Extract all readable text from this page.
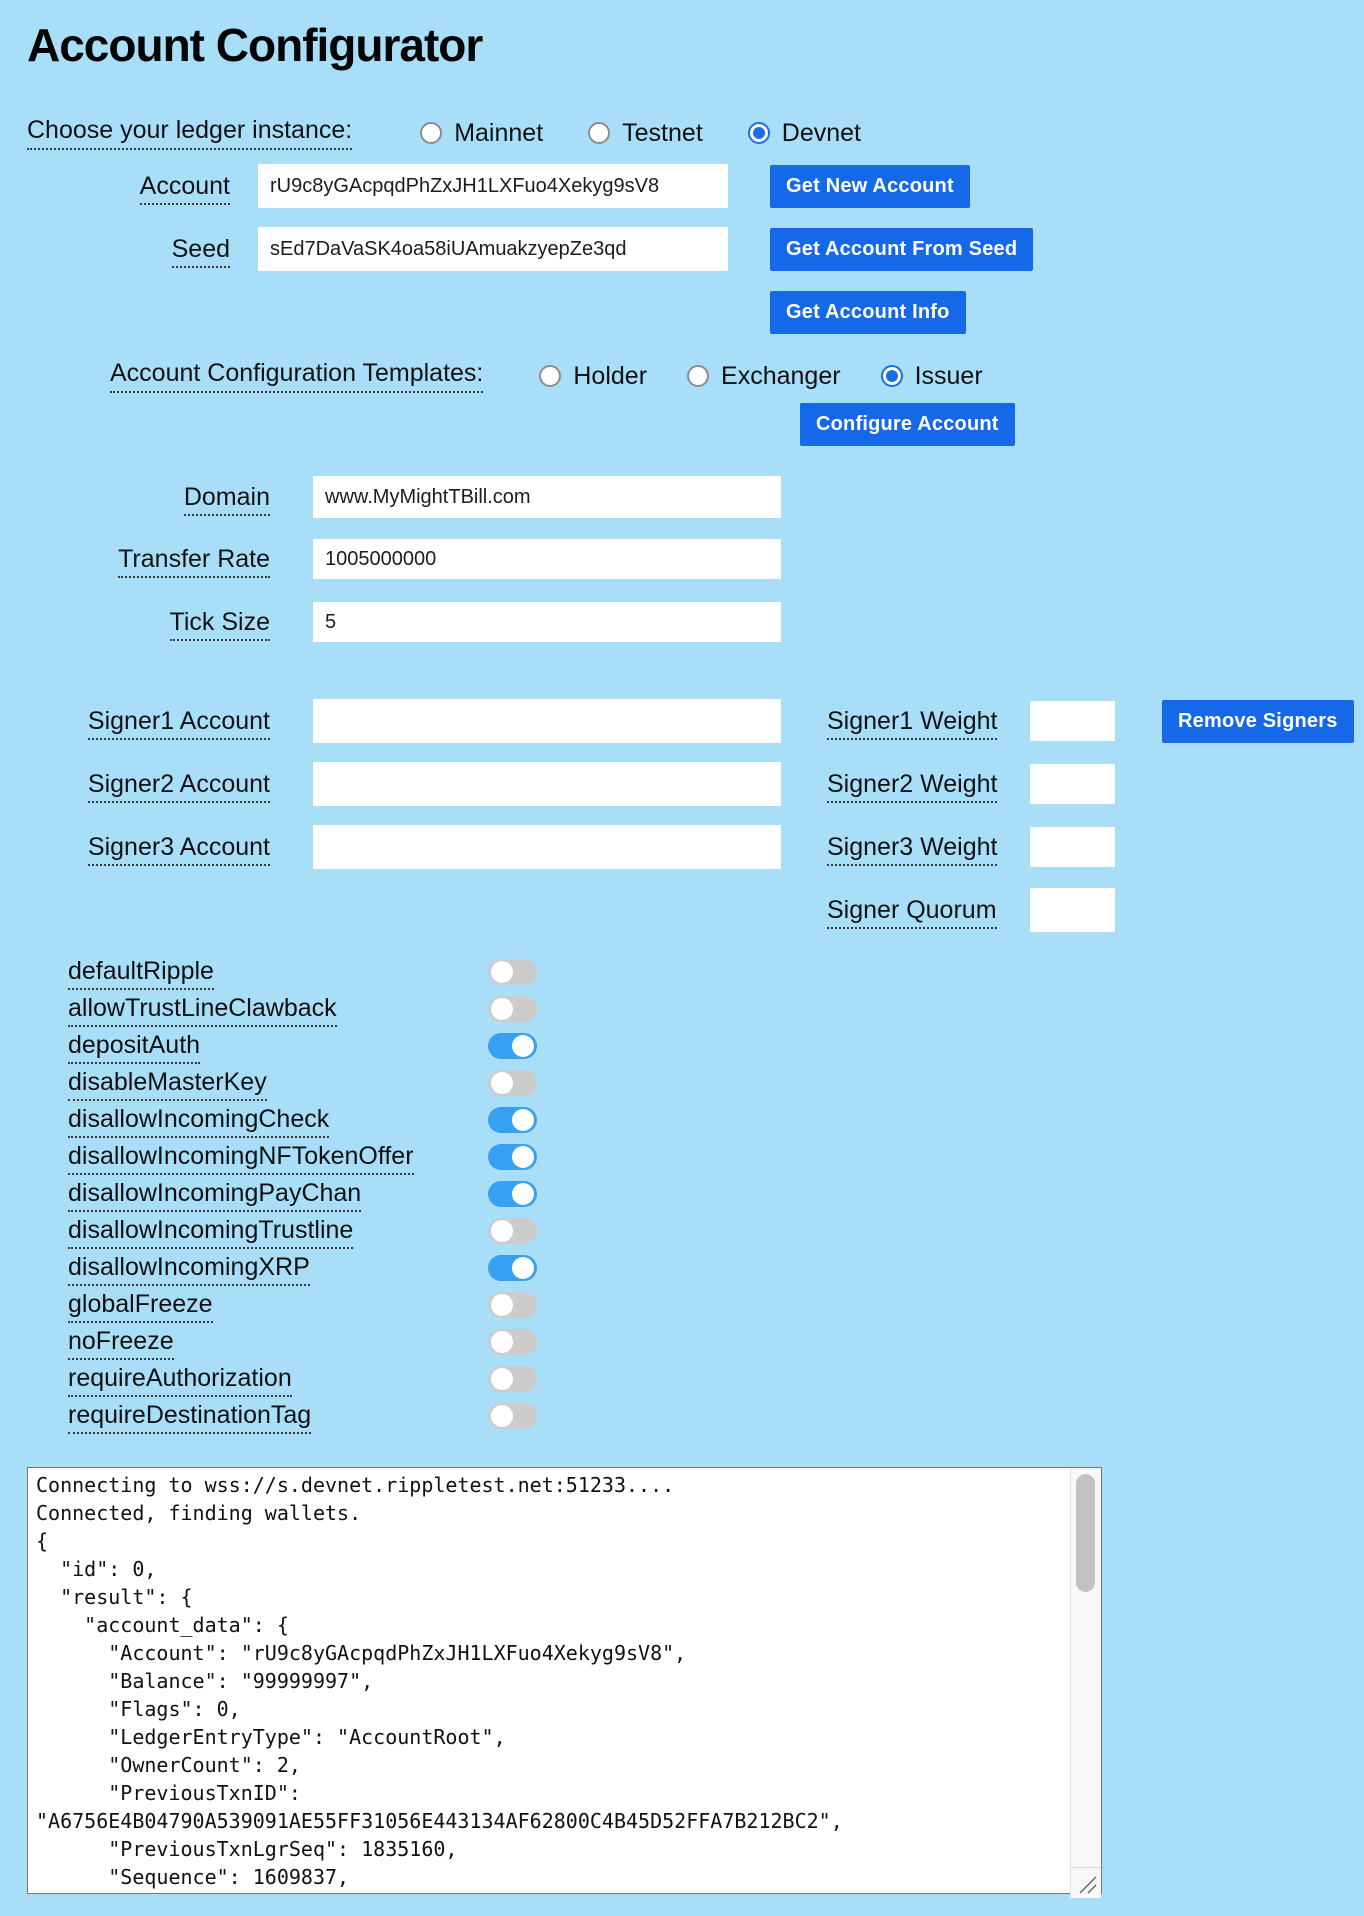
Account Configurator
Choose your ledger instance:	Mainnet	Testnet	Devnet
Account
rU9c8yGAcpqdPhZxJH1LXFuo4Xekyg9sV8	Get New Account
Seed
sEd7DaVaSK4oa58iUAmuakzyepZe3qd	Get Account From Seed
Get Account Info
Account Configuration Templates:	Holder	Exchanger	Issuer
Configure Account
Domain
www.MyMightTBill.com
Transfer Rate
1005000000
Tick Size
5
Signer1 Account	Signer1 Weight	Remove Signers
Signer2 Account	Signer2 Weight
Signer3 Account	Signer3 Weight
Signer Quorum
defaultRipple
allowTrustLineClawback
depositAuth
disableMasterKey
disallowIncomingCheck
disallowIncomingNFTokenOffer
disallowIncomingPayChan
disallowIncomingTrustline
disallowIncomingXRP
globalFreeze
noFreeze
requireAuthorization
requireDestinationTag
Connecting to wss://s.devnet.rippletest.net:51233.... Connected, finding wallets. { "id": 0, "result": { "account_data": { "Account": "rU9c8yGAcpqdPhZxJH1LXFuo4Xekyg9sV8", "Balance": "99999997", "Flags": 0, "LedgerEntryType": "AccountRoot", "OwnerCount": 2, "PreviousTxnID": "A6756E4B04790A539091AE55FF31056E443134AF62800C4B45D52FFA7B212BC2", "PreviousTxnLgrSeq": 1835160, "Sequence": 1609837,
